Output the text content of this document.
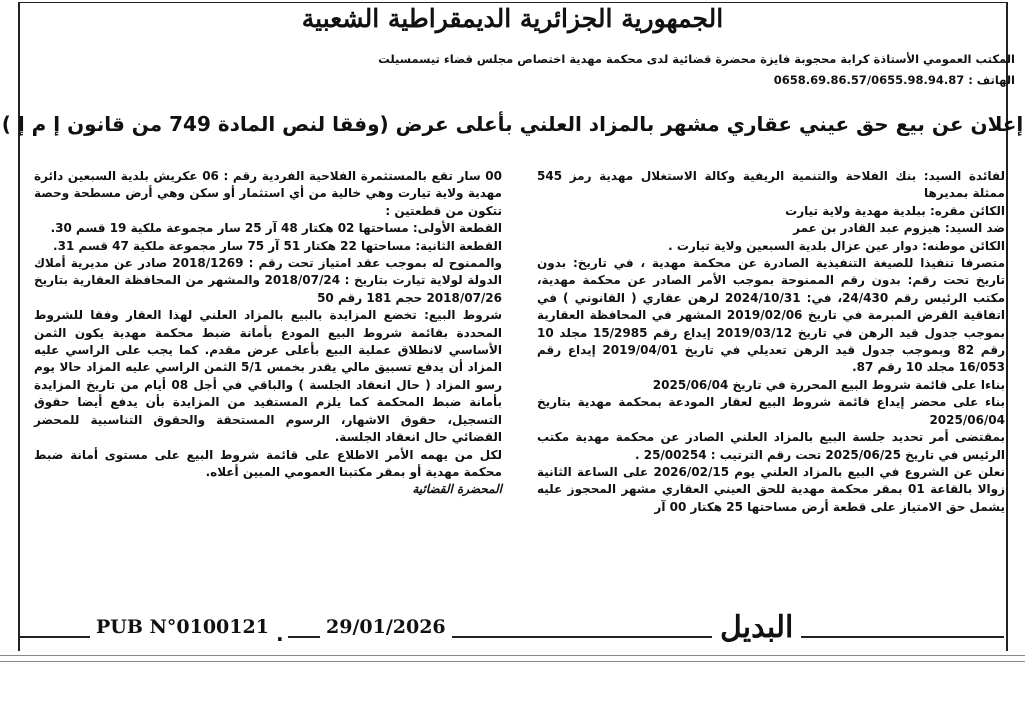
الجمهورية الجزائرية الديمقراطية الشعبية
المكتب العمومي الأستاذة كرابة محجوبة فايزة محضرة قضائية لدى محكمة مهدية اختصاص مجلس قضاء تيسمسيلت
الهاتف : 0658.69.86.57/0655.98.94.87
إعلان عن بيع حق عيني عقاري مشهر بالمزاد العلني بأعلى عرض (وفقا لنص المادة 749 من قانون إ م إ )

لفائدة السيد: بنك الفلاحة والتنمية الريفية وكالة الاستغلال مهدية رمز 545 ممثلة بمديرها

الكائن مقره: ببلدية مهدية ولاية تيارت

ضد السيد: هيزوم عبد القادر بن عمر

الكائن موطنه: دوار عين عزال بلدية السبعين ولاية تيارت .

متصرفا تنفيذا للصيغة التنفيذية الصادرة عن محكمة مهدية ، في تاريخ: بدون تاريخ تحت رقم: بدون رقم الممنوحة بموجب الأمر الصادر عن محكمة مهدية، مكتب الرئيس رقم 24/430، في: 2024/10/31 لرهن عقاري ( القانوني ) في اتفاقية القرض المبرمة في تاريخ 2019/02/06 المشهر في المحافظة العقارية بموجب جدول قيد الرهن في تاريخ 2019/03/12 إيداع رقم 15/2985 مجلد 10 رقم 82 وبموجب جدول قيد الرهن تعديلي في تاريخ 2019/04/01 إيداع رقم 16/053 مجلد 10 رقم 87.

بناءا على قائمة شروط البيع المحررة في تاريخ 2025/06/04

بناء على محضر إيداع قائمة شروط البيع لعقار المودعة بمحكمة مهدية بتاريخ 2025/06/04

بمقتضى أمر تحديد جلسة البيع بالمزاد العلني الصادر عن محكمة مهدية مكتب الرئيس في تاريخ 2025/06/25 تحت رقم الترتيب : 25/00254 .

نعلن عن الشروع في البيع بالمزاد العلني يوم 2026/02/15 على الساعة الثانية زوالا بالقاعة 01 بمقر محكمة مهدية للحق العيني العقاري مشهر المحجوز عليه يشمل حق الامتياز على قطعة أرض مساحتها 25 هكتار 00 آر

00 سار تقع بالمستثمرة الفلاحية الفردية رقم : 06 عكريش بلدية السبعين دائرة مهدية ولاية تيارت وهي خالية من أي استثمار أو سكن وهي أرض مسطحة وحصة تتكون من قطعتين :

القطعة الأولى: مساحتها 02 هكتار 48 آر 25 سار مجموعة ملكية 19 قسم 30.

القطعة الثانية: مساحتها 22 هكتار 51 آر 75 سار مجموعة ملكية 47 قسم 31.

والممنوح له بموجب عقد امتياز تحت رقم : 2018/1269 صادر عن مديرية أملاك الدولة لولاية تيارت بتاريخ : 2018/07/24 والمشهر من المحافظة العقارية بتاريخ 2018/07/26 حجم 181 رقم 50

شروط البيع: تخضع المزايدة بالبيع بالمزاد العلني لهذا العقار وفقا للشروط المحددة بقائمة شروط البيع المودع بأمانة ضبط محكمة مهدية يكون الثمن الأساسي لانطلاق عملية البيع بأعلى عرض مقدم. كما يجب على الراسي عليه المزاد أن يدفع تسبيق مالي يقدر بخمس 5/1 الثمن الراسي عليه المزاد حالا يوم رسو المزاد ( حال انعقاد الجلسة ) والباقي في أجل 08 أيام من تاريخ المزايدة بأمانة ضبط المحكمة كما يلزم المستفيد من المزايدة بأن يدفع أيضا حقوق التسجيل، حقوق الاشهار، الرسوم المستحقة والحقوق التناسبية للمحضر القضائي حال انعقاد الجلسة.

لكل من يهمه الأمر الاطلاع على قائمة شروط البيع على مستوى أمانة ضبط محكمة مهدية أو بمقر مكتبنا العمومي المبين أعلاه.

المحضرة القضائية

PUB N°0100121 .	29/01/2026	البديل
